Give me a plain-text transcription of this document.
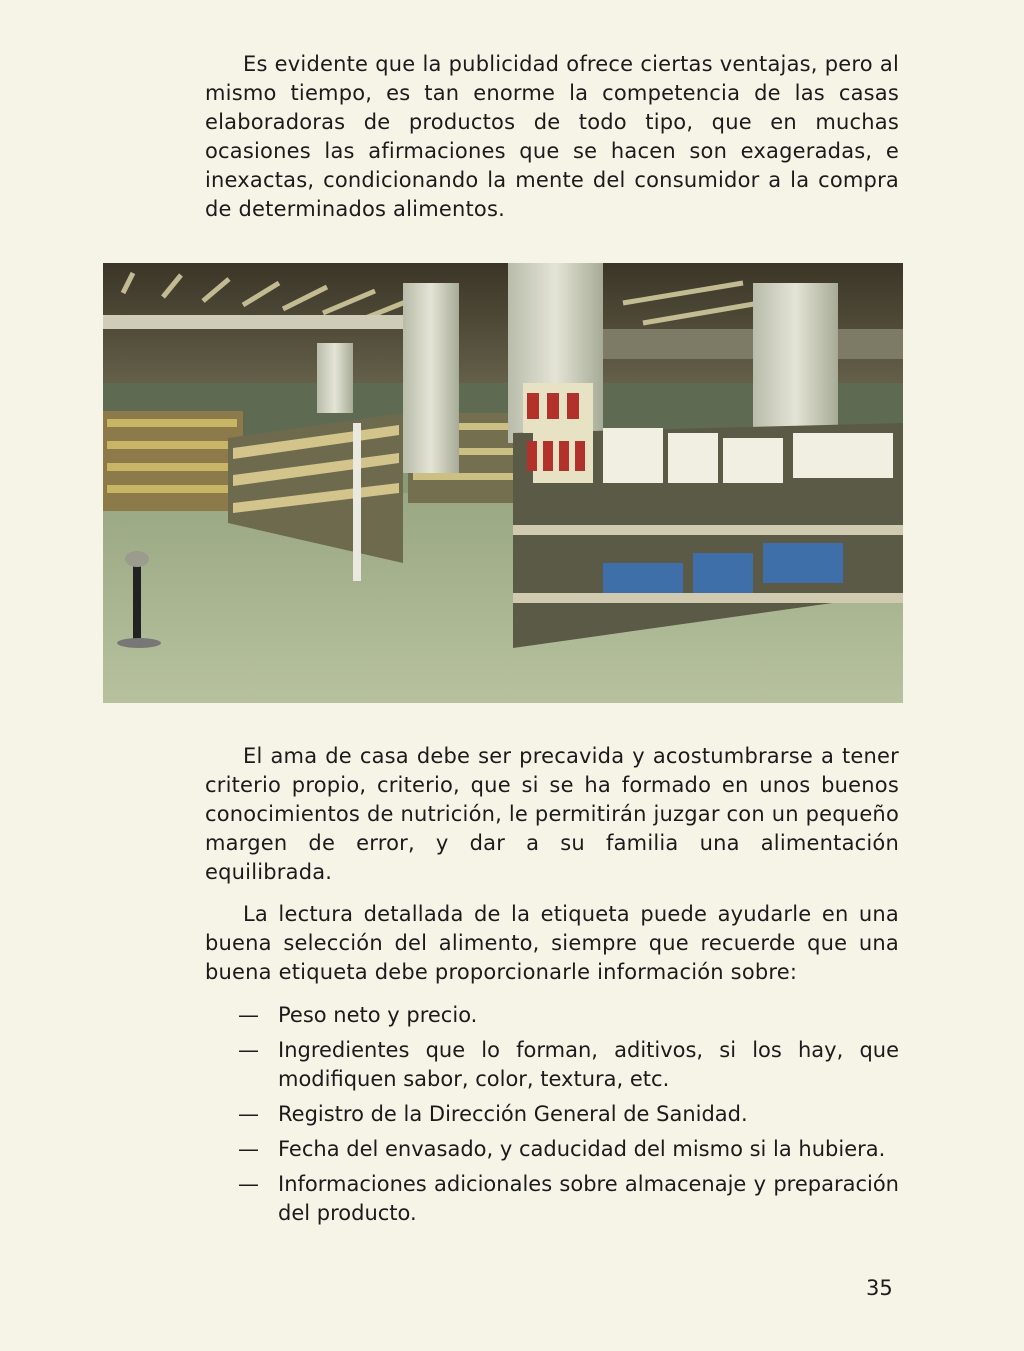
Es evidente que la publicidad ofrece ciertas ventajas, pero al mismo tiempo, es tan enorme la competencia de las casas elaboradoras de productos de todo tipo, que en muchas ocasiones las afirmaciones que se hacen son exageradas, e inexactas, condicionando la mente del consumidor a la compra de determinados alimentos.

El ama de casa debe ser precavida y acostumbrarse a tener criterio propio, criterio, que si se ha formado en unos buenos conocimientos de nutrición, le permitirán juzgar con un pequeño margen de error, y dar a su familia una alimentación equilibrada.

La lectura detallada de la etiqueta puede ayudarle en una buena selección del alimento, siempre que recuerde que una buena etiqueta debe proporcionarle información sobre:

— Peso neto y precio.
— Ingredientes que lo forman, aditivos, si los hay, que modifiquen sabor, color, textura, etc.
— Registro de la Dirección General de Sanidad.
— Fecha del envasado, y caducidad del mismo si la hubiera.
— Informaciones adicionales sobre almacenaje y preparación del producto.
35
